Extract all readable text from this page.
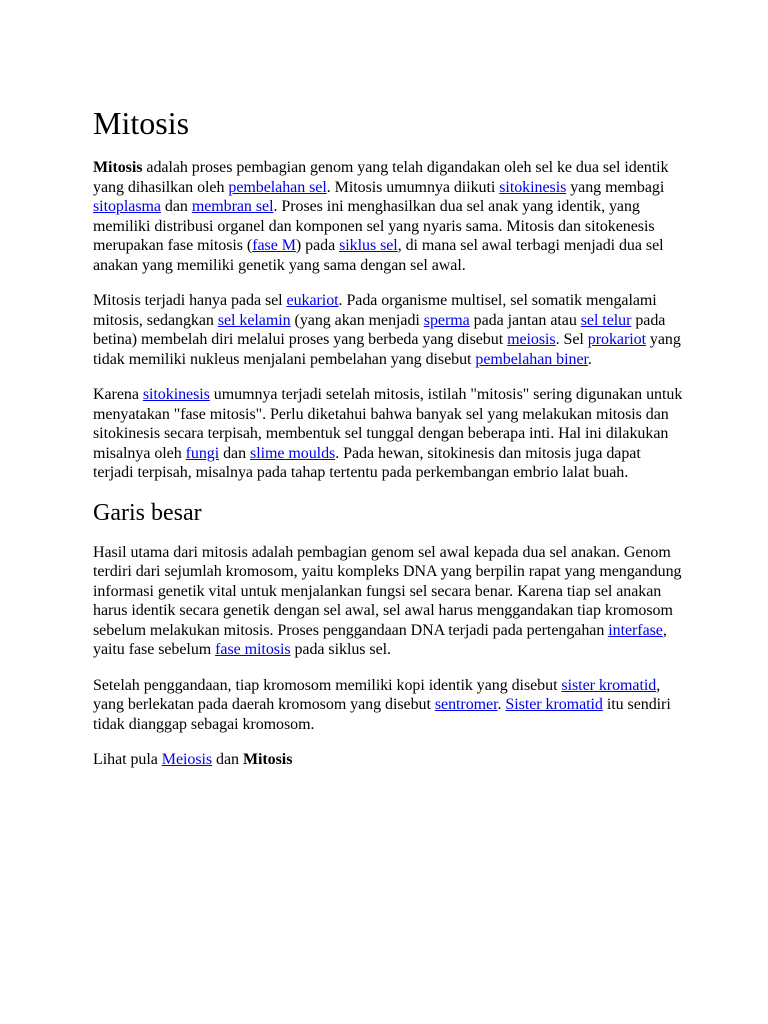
Mitosis

Mitosis adalah proses pembagian genom yang telah digandakan oleh sel ke dua sel identik yang dihasilkan oleh pembelahan sel. Mitosis umumnya diikuti sitokinesis yang membagi sitoplasma dan membran sel. Proses ini menghasilkan dua sel anak yang identik, yang memiliki distribusi organel dan komponen sel yang nyaris sama. Mitosis dan sitokenesis merupakan fase mitosis (fase M) pada siklus sel, di mana sel awal terbagi menjadi dua sel anakan yang memiliki genetik yang sama dengan sel awal.

Mitosis terjadi hanya pada sel eukariot. Pada organisme multisel, sel somatik mengalami mitosis, sedangkan sel kelamin (yang akan menjadi sperma pada jantan atau sel telur pada betina) membelah diri melalui proses yang berbeda yang disebut meiosis. Sel prokariot yang tidak memiliki nukleus menjalani pembelahan yang disebut pembelahan biner.

Karena sitokinesis umumnya terjadi setelah mitosis, istilah "mitosis" sering digunakan untuk menyatakan "fase mitosis". Perlu diketahui bahwa banyak sel yang melakukan mitosis dan sitokinesis secara terpisah, membentuk sel tunggal dengan beberapa inti. Hal ini dilakukan misalnya oleh fungi dan slime moulds. Pada hewan, sitokinesis dan mitosis juga dapat terjadi terpisah, misalnya pada tahap tertentu pada perkembangan embrio lalat buah.

Garis besar

Hasil utama dari mitosis adalah pembagian genom sel awal kepada dua sel anakan. Genom terdiri dari sejumlah kromosom, yaitu kompleks DNA yang berpilin rapat yang mengandung informasi genetik vital untuk menjalankan fungsi sel secara benar. Karena tiap sel anakan harus identik secara genetik dengan sel awal, sel awal harus menggandakan tiap kromosom sebelum melakukan mitosis. Proses penggandaan DNA terjadi pada pertengahan interfase, yaitu fase sebelum fase mitosis pada siklus sel.

Setelah penggandaan, tiap kromosom memiliki kopi identik yang disebut sister kromatid, yang berlekatan pada daerah kromosom yang disebut sentromer. Sister kromatid itu sendiri tidak dianggap sebagai kromosom.

Lihat pula Meiosis dan Mitosis
